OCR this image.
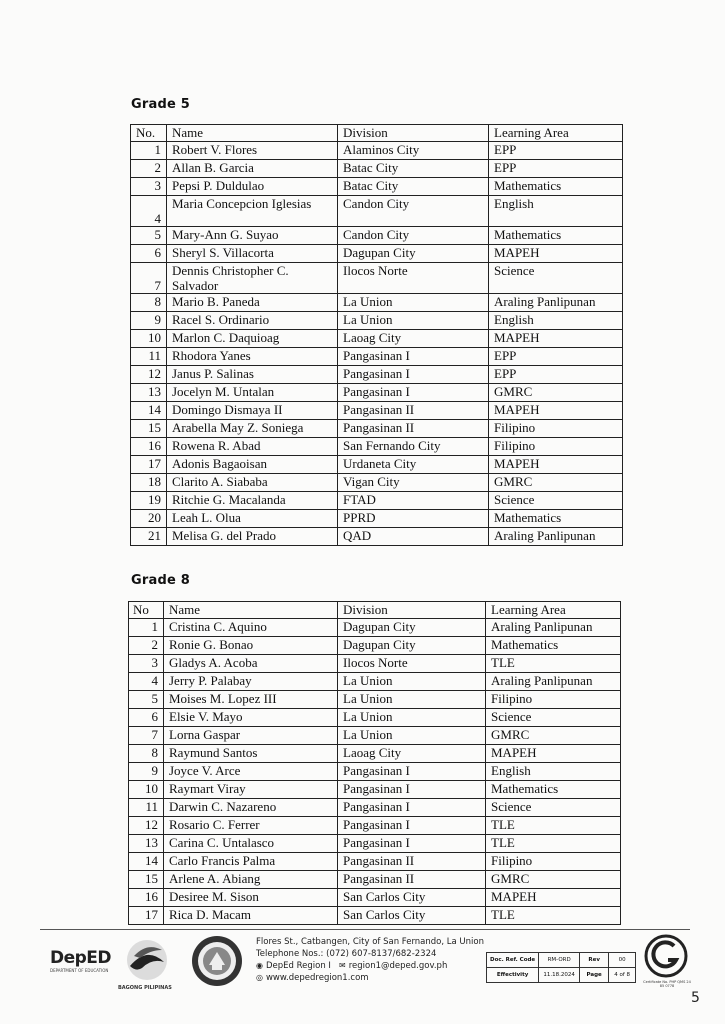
Grade 5
No.	Name	Division	Learning Area
1	Robert V. Flores	Alaminos City	EPP
2	Allan B. Garcia	Batac City	EPP
3	Pepsi P. Duldulao	Batac City	Mathematics
4	Maria Concepcion Iglesias	Candon City	English
5	Mary-Ann G. Suyao	Candon City	Mathematics
6	Sheryl S. Villacorta	Dagupan City	MAPEH
7	Dennis Christopher C. Salvador	Ilocos Norte	Science
8	Mario B. Paneda	La Union	Araling Panlipunan
9	Racel S. Ordinario	La Union	English
10	Marlon C. Daquioag	Laoag City	MAPEH
11	Rhodora Yanes	Pangasinan I	EPP
12	Janus P. Salinas	Pangasinan I	EPP
13	Jocelyn M. Untalan	Pangasinan I	GMRC
14	Domingo Dismaya II	Pangasinan II	MAPEH
15	Arabella May Z. Soniega	Pangasinan II	Filipino
16	Rowena R. Abad	San Fernando City	Filipino
17	Adonis Bagaoisan	Urdaneta City	MAPEH
18	Clarito A. Siababa	Vigan City	GMRC
19	Ritchie G. Macalanda	FTAD	Science
20	Leah L. Olua	PPRD	Mathematics
21	Melisa G. del Prado	QAD	Araling Panlipunan
Grade 8
No	Name	Division	Learning Area
1	Cristina C. Aquino	Dagupan City	Araling Panlipunan
2	Ronie G. Bonao	Dagupan City	Mathematics
3	Gladys A. Acoba	Ilocos Norte	TLE
4	Jerry P. Palabay	La Union	Araling Panlipunan
5	Moises M. Lopez III	La Union	Filipino
6	Elsie V. Mayo	La Union	Science
7	Lorna Gaspar	La Union	GMRC
8	Raymund Santos	Laoag City	MAPEH
9	Joyce V. Arce	Pangasinan I	English
10	Raymart Viray	Pangasinan I	Mathematics
11	Darwin C. Nazareno	Pangasinan I	Science
12	Rosario C. Ferrer	Pangasinan I	TLE
13	Carina C. Untalasco	Pangasinan I	TLE
14	Carlo Francis Palma	Pangasinan II	Filipino
15	Arlene A. Abiang	Pangasinan II	GMRC
16	Desiree M. Sison	San Carlos City	MAPEH
17	Rica D. Macam	San Carlos City	TLE
DepED
DEPARTMENT OF EDUCATION
BAGONG PILIPINAS
Flores St., Catbangen, City of San Fernando, La Union
Telephone Nos.: (072) 607-8137/682-2324
◉ DepEd Region I ✉ region1@deped.gov.ph
◎ www.depedregion1.com
Doc. Ref. Code	RM-ORD	Rev	00
Effectivity	11.18.2024	Page	4 of 8
Certificate No. PHP QMS 24 85 0778
5
